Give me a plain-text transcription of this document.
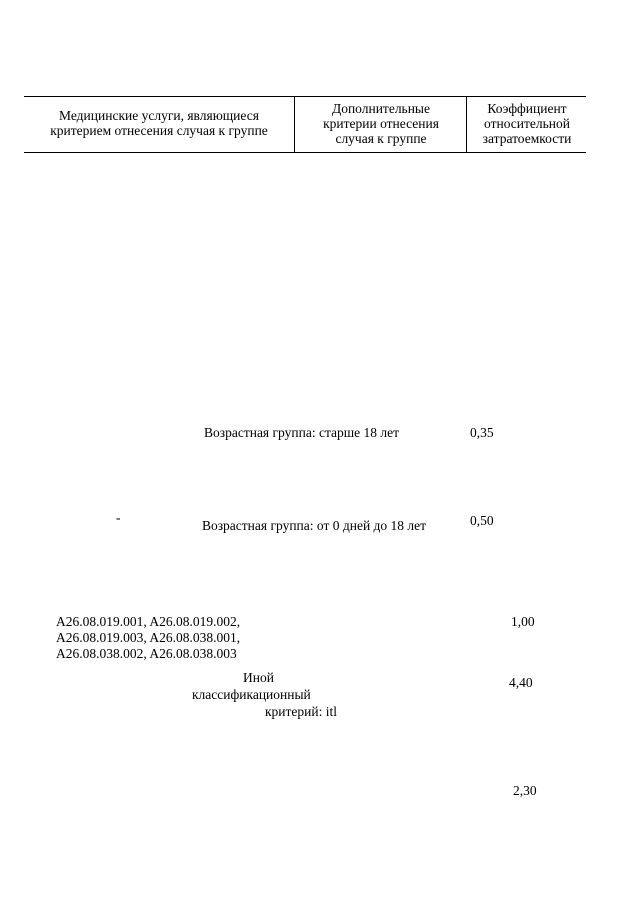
Медицинские услуги, являющиеся критерием отнесения случая к группе
Дополнительные критерии отнесения случая к группе
Коэффициент относительной затратоемкости
Возрастная группа: старше 18 лет	0,35
-
Возрастная группа: от 0 дней до 18 лет	0,50
A26.08.019.001, A26.08.019.002,
A26.08.019.003, A26.08.038.001,
A26.08.038.002, A26.08.038.003
1,00
Иной
классификационный
критерий: itl
4,40
2,30
